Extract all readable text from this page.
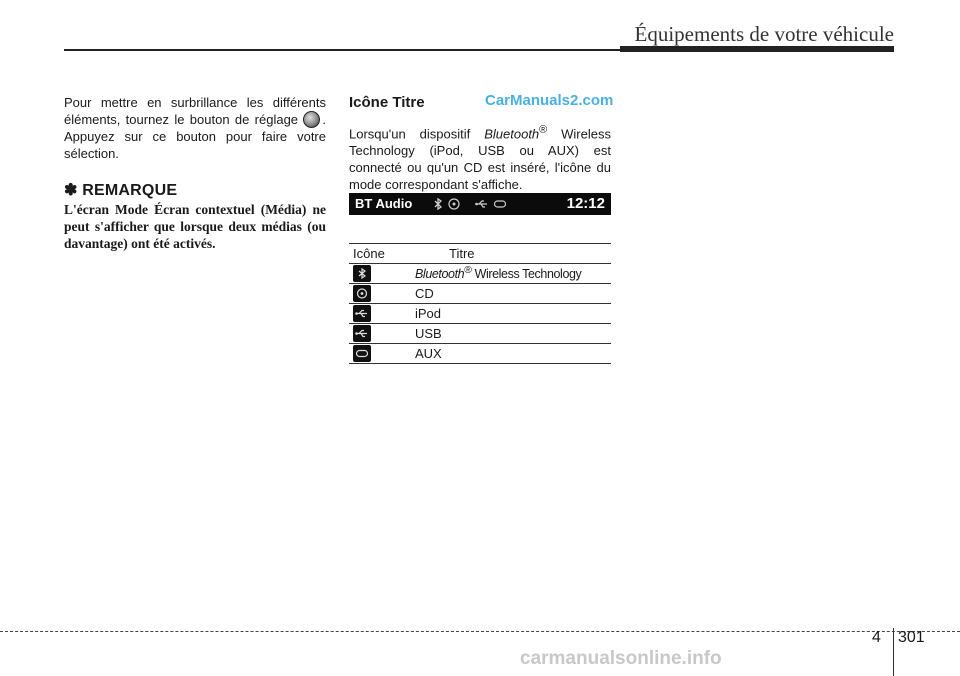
Équipements de votre véhicule
Pour mettre en surbrillance les différents éléments, tournez le bouton de réglage . Appuyez sur ce bouton pour faire votre sélection.
✽ REMARQUE
L'écran Mode Écran contextuel (Média) ne peut s'afficher que lorsque deux médias (ou davantage) ont été activés.
Icône Titre	CarManuals2.com
Lorsqu'un dispositif Bluetooth® Wireless Technology (iPod, USB ou AUX) est connecté ou qu'un CD est inséré, l'icône du mode correspondant s'affiche.
BT Audio	12:12
Icône	Titre

	Bluetooth® Wireless Technology

	CD

	iPod

	USB

	AUX
4 301
carmanualsonline.info
